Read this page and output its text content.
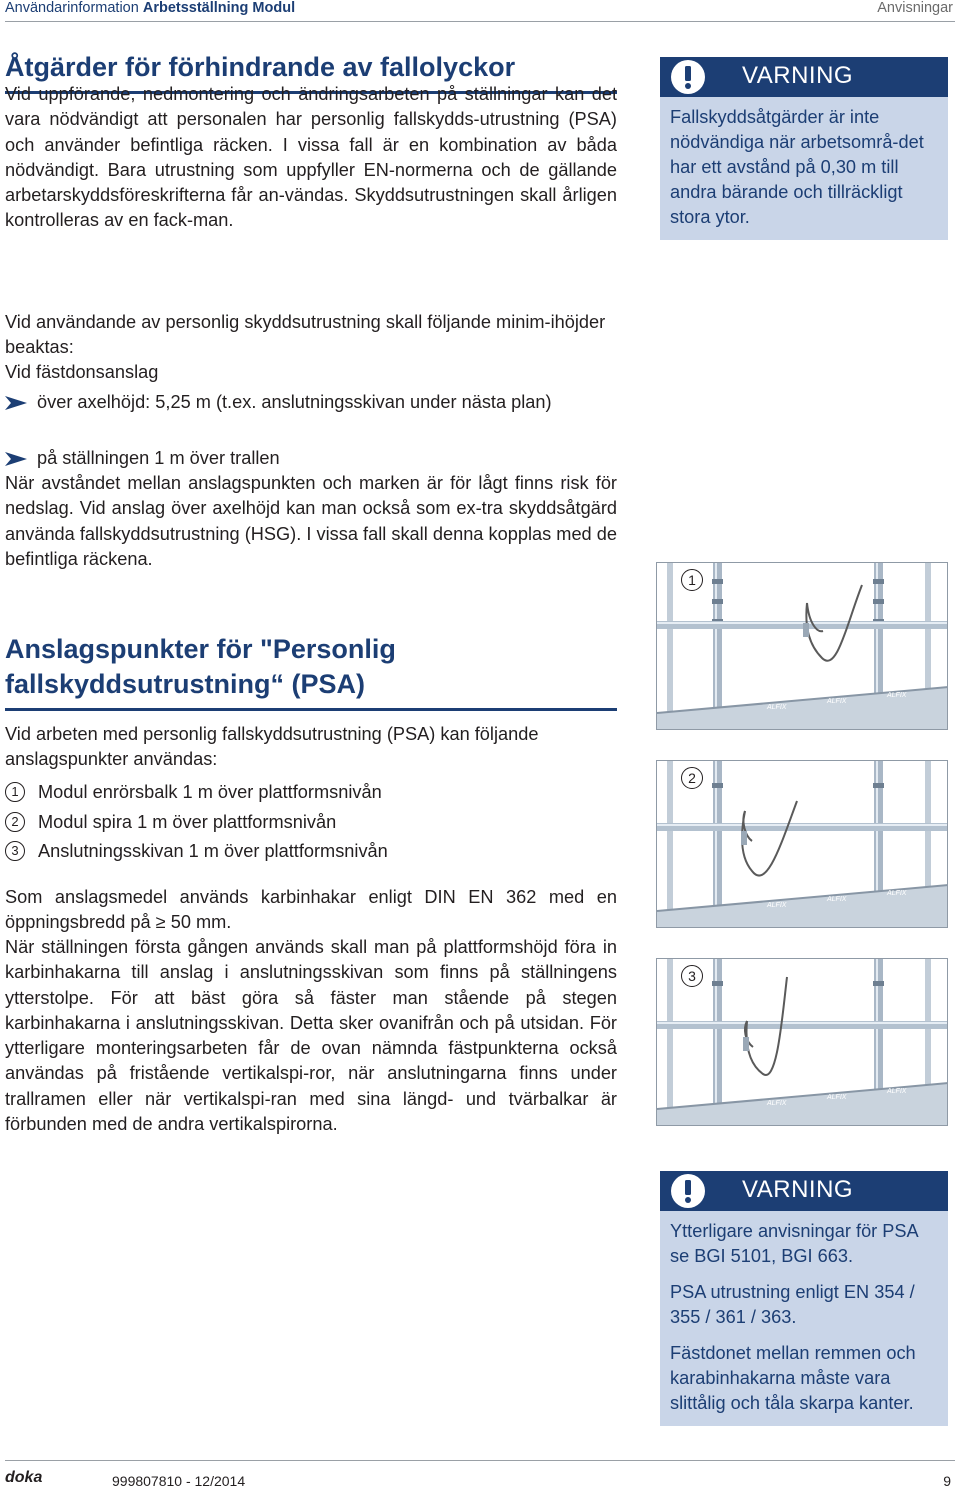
Användarinformation Arbetsställning Modul	Anvisningar
Åtgärder för förhindrande av fallolyckor
Vid uppförande, nedmontering och ändringsarbeten på ställningar kan det vara nödvändigt att personalen har personlig fallskydds-utrustning (PSA) och använder befintliga räcken. I vissa fall är en kombination av båda nödvändigt. Bara utrustning som uppfyller EN-normerna och de gällande arbetarskyddsföreskrifterna får an-vändas. Skyddsutrustningen skall årligen kontrolleras av en fack-man.
Vid användande av personlig skyddsutrustning skall följande minim-ihöjder beaktas:
Vid fästdonsanslag
över axelhöjd: 5,25 m (t.ex. anslutningsskivan under nästa plan)
på ställningen 1 m över trallen
När avståndet mellan anslagspunkten och marken är för lågt finns risk för nedslag. Vid anslag över axelhöjd kan man också som ex-tra skyddsåtgärd använda fallskyddsutrustning (HSG). I vissa fall skall denna kopplas med de befintliga räckena.
Anslagspunkter för "Personlig fallskyddsutrustning“ (PSA)
Vid arbeten med personlig fallskyddsutrustning (PSA) kan följande anslagspunkter användas:
1	Modul enrörsbalk 1 m över plattformsnivån
2	Modul spira 1 m över plattformsnivån
3	Anslutningsskivan 1 m över plattformsnivån
Som anslagsmedel används karbinhakar enligt DIN EN 362 med en öppningsbredd på ≥ 50 mm.
När ställningen första gången används skall man på plattformshöjd föra in karbinhakarna till anslag i anslutningsskivan som finns på ställningens ytterstolpe. För att bäst göra så fäster man stående på stegen karbinhakarna i anslutningsskivan. Detta sker ovanifrån och på utsidan. För ytterligare monteringsarbeten får de ovan nämnda fästpunkterna också användas på fristående vertikalspi-ror, när anslutningarna finns under trallramen eller när vertikalspi-ran med sina längd- und tvärbalkar är förbunden med de andra vertikalspirorna.
VARNING

Fallskyddsåtgärder är inte nödvändiga när arbetsområ-det har ett avstånd på 0,30 m till andra bärande och tillräckligt stora ytor.

ALFIX
ALFIX
ALFIX
1
ALFIX
ALFIX
ALFIX
2
ALFIX
ALFIX
ALFIX
3
VARNING

Ytterligare anvisningar för PSA se BGI 5101, BGI 663.

PSA utrustning enligt EN 354 / 355 / 361 / 363.

Fästdonet mellan remmen och karabinhakarna måste vara slittålig och tåla skarpa kanter.

doka	999807810 - 12/2014	9
